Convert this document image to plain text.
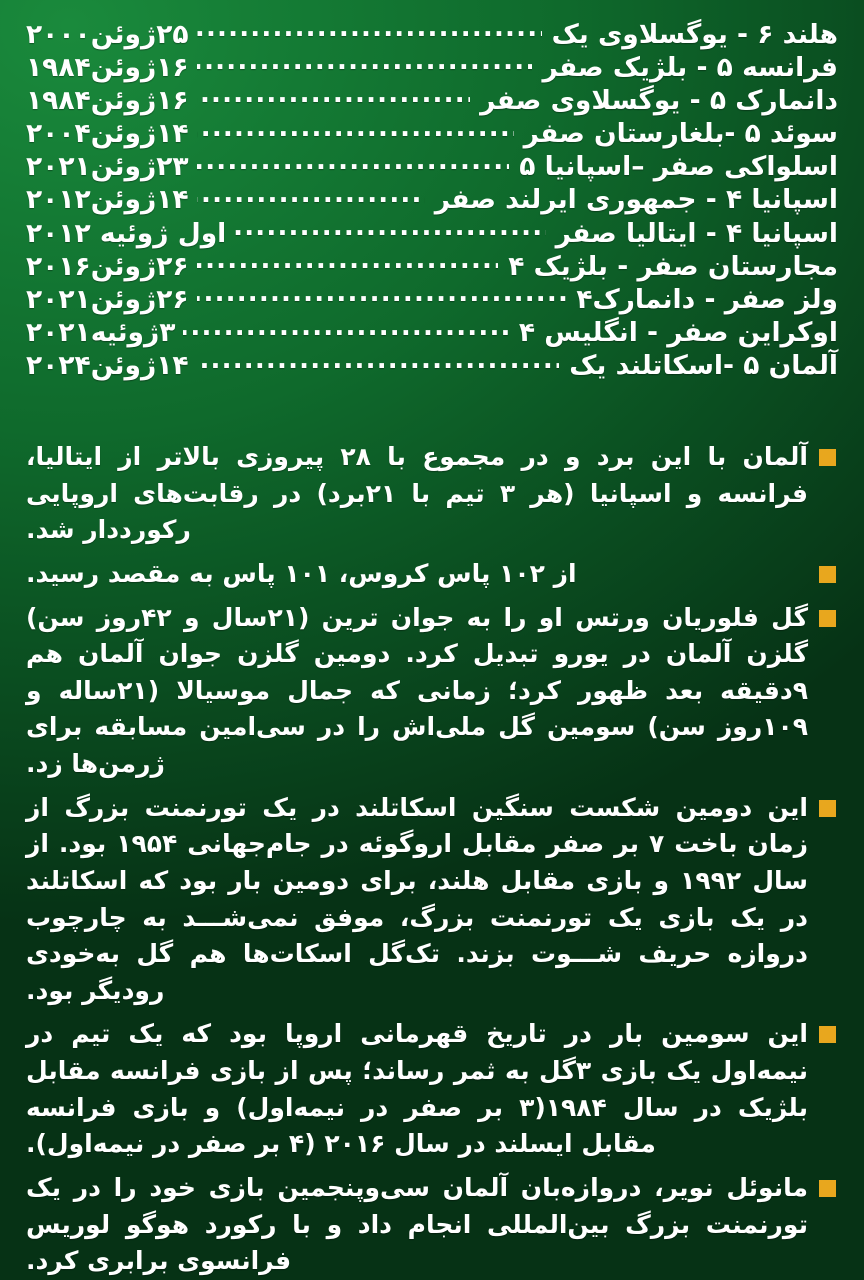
هلند ۶ - یوگسلاوی یک
.....
۲۵ژوئن۲۰۰۰
فرانسه ۵ - بلژیک صفر
.....
۱۶ژوئن۱۹۸۴
دانمارک ۵ - یوگسلاوی صفر
.....
۱۶ژوئن۱۹۸۴
سوئد ۵ -بلغارستان صفر
.....
۱۴ژوئن۲۰۰۴
اسلواکی صفر –اسپانیا ۵
.....
۲۳ژوئن۲۰۲۱
اسپانیا ۴ - جمهوری ایرلند صفر
.....
۱۴ژوئن۲۰۱۲
اسپانیا ۴ - ایتالیا صفر
.....
اول ژوئیه ۲۰۱۲
مجارستان صفر - بلژیک ۴
.....
۲۶ژوئن۲۰۱۶
ولز صفر - دانمارک۴
.....
۲۶ژوئن۲۰۲۱
اوکراین صفر - انگلیس ۴
.....
۳ژوئیه۲۰۲۱
آلمان ۵ -اسکاتلند یک
.....
۱۴ژوئن۲۰۲۴

آلمان با این برد و در مجموع با ۲۸ پیروزی بالاتر از ایتالیا، فرانسه و اسپانیا (هر ۳ تیم با ۲۱برد) در رقابت‌های اروپایی رکورددار شد.

از ۱۰۲ پاس کروس، ۱۰۱ پاس به مقصد رسید.

گل فلوریان ورتس او را به جوان ترین (۲۱سال و ۴۲روز سن) گلزن آلمان در یورو تبدیل کرد. دومین گلزن جوان آلمان هم ۹دقیقه بعد ظهور کرد؛ زمانی که جمال موسیالا (۲۱ساله و ۱۰۹روز سن) سومین گل ملی‌اش را در سی‌امین مسابقه برای ژرمن‌ها زد.

این دومین شکست سنگین اسکاتلند در یک تورنمنت بزرگ از زمان باخت ۷ بر صفر مقابل اروگوئه در جام‌جهانی ۱۹۵۴ بود. از سال ۱۹۹۲ و بازی مقابل هلند، برای دومین بار بود که اسکاتلند در یک بازی یک تورنمنت بزرگ، موفق نمی‌شـــد به چارچوب دروازه حریف شـــوت بزند. تک‌گل اسکات‌ها هم گل به‌خودی رودیگر بود.

این سومین بار در تاریخ قهرمانی اروپا بود که یک تیم در نیمه‌اول یک بازی ۳گل به ثمر رساند؛ پس از بازی فرانسه مقابل بلژیک در سال ۱۹۸۴(۳ بر صفر در نیمه‌اول) و بازی فرانسه مقابل ایسلند در سال ۲۰۱۶ (۴ بر صفر در نیمه‌اول).

مانوئل نویر، دروازه‌بان آلمان سی‌وپنجمین بازی خود را در یک تورنمنت بزرگ بین‌المللی انجام داد و با رکورد هوگو لوریس فرانسوی برابری کرد.
